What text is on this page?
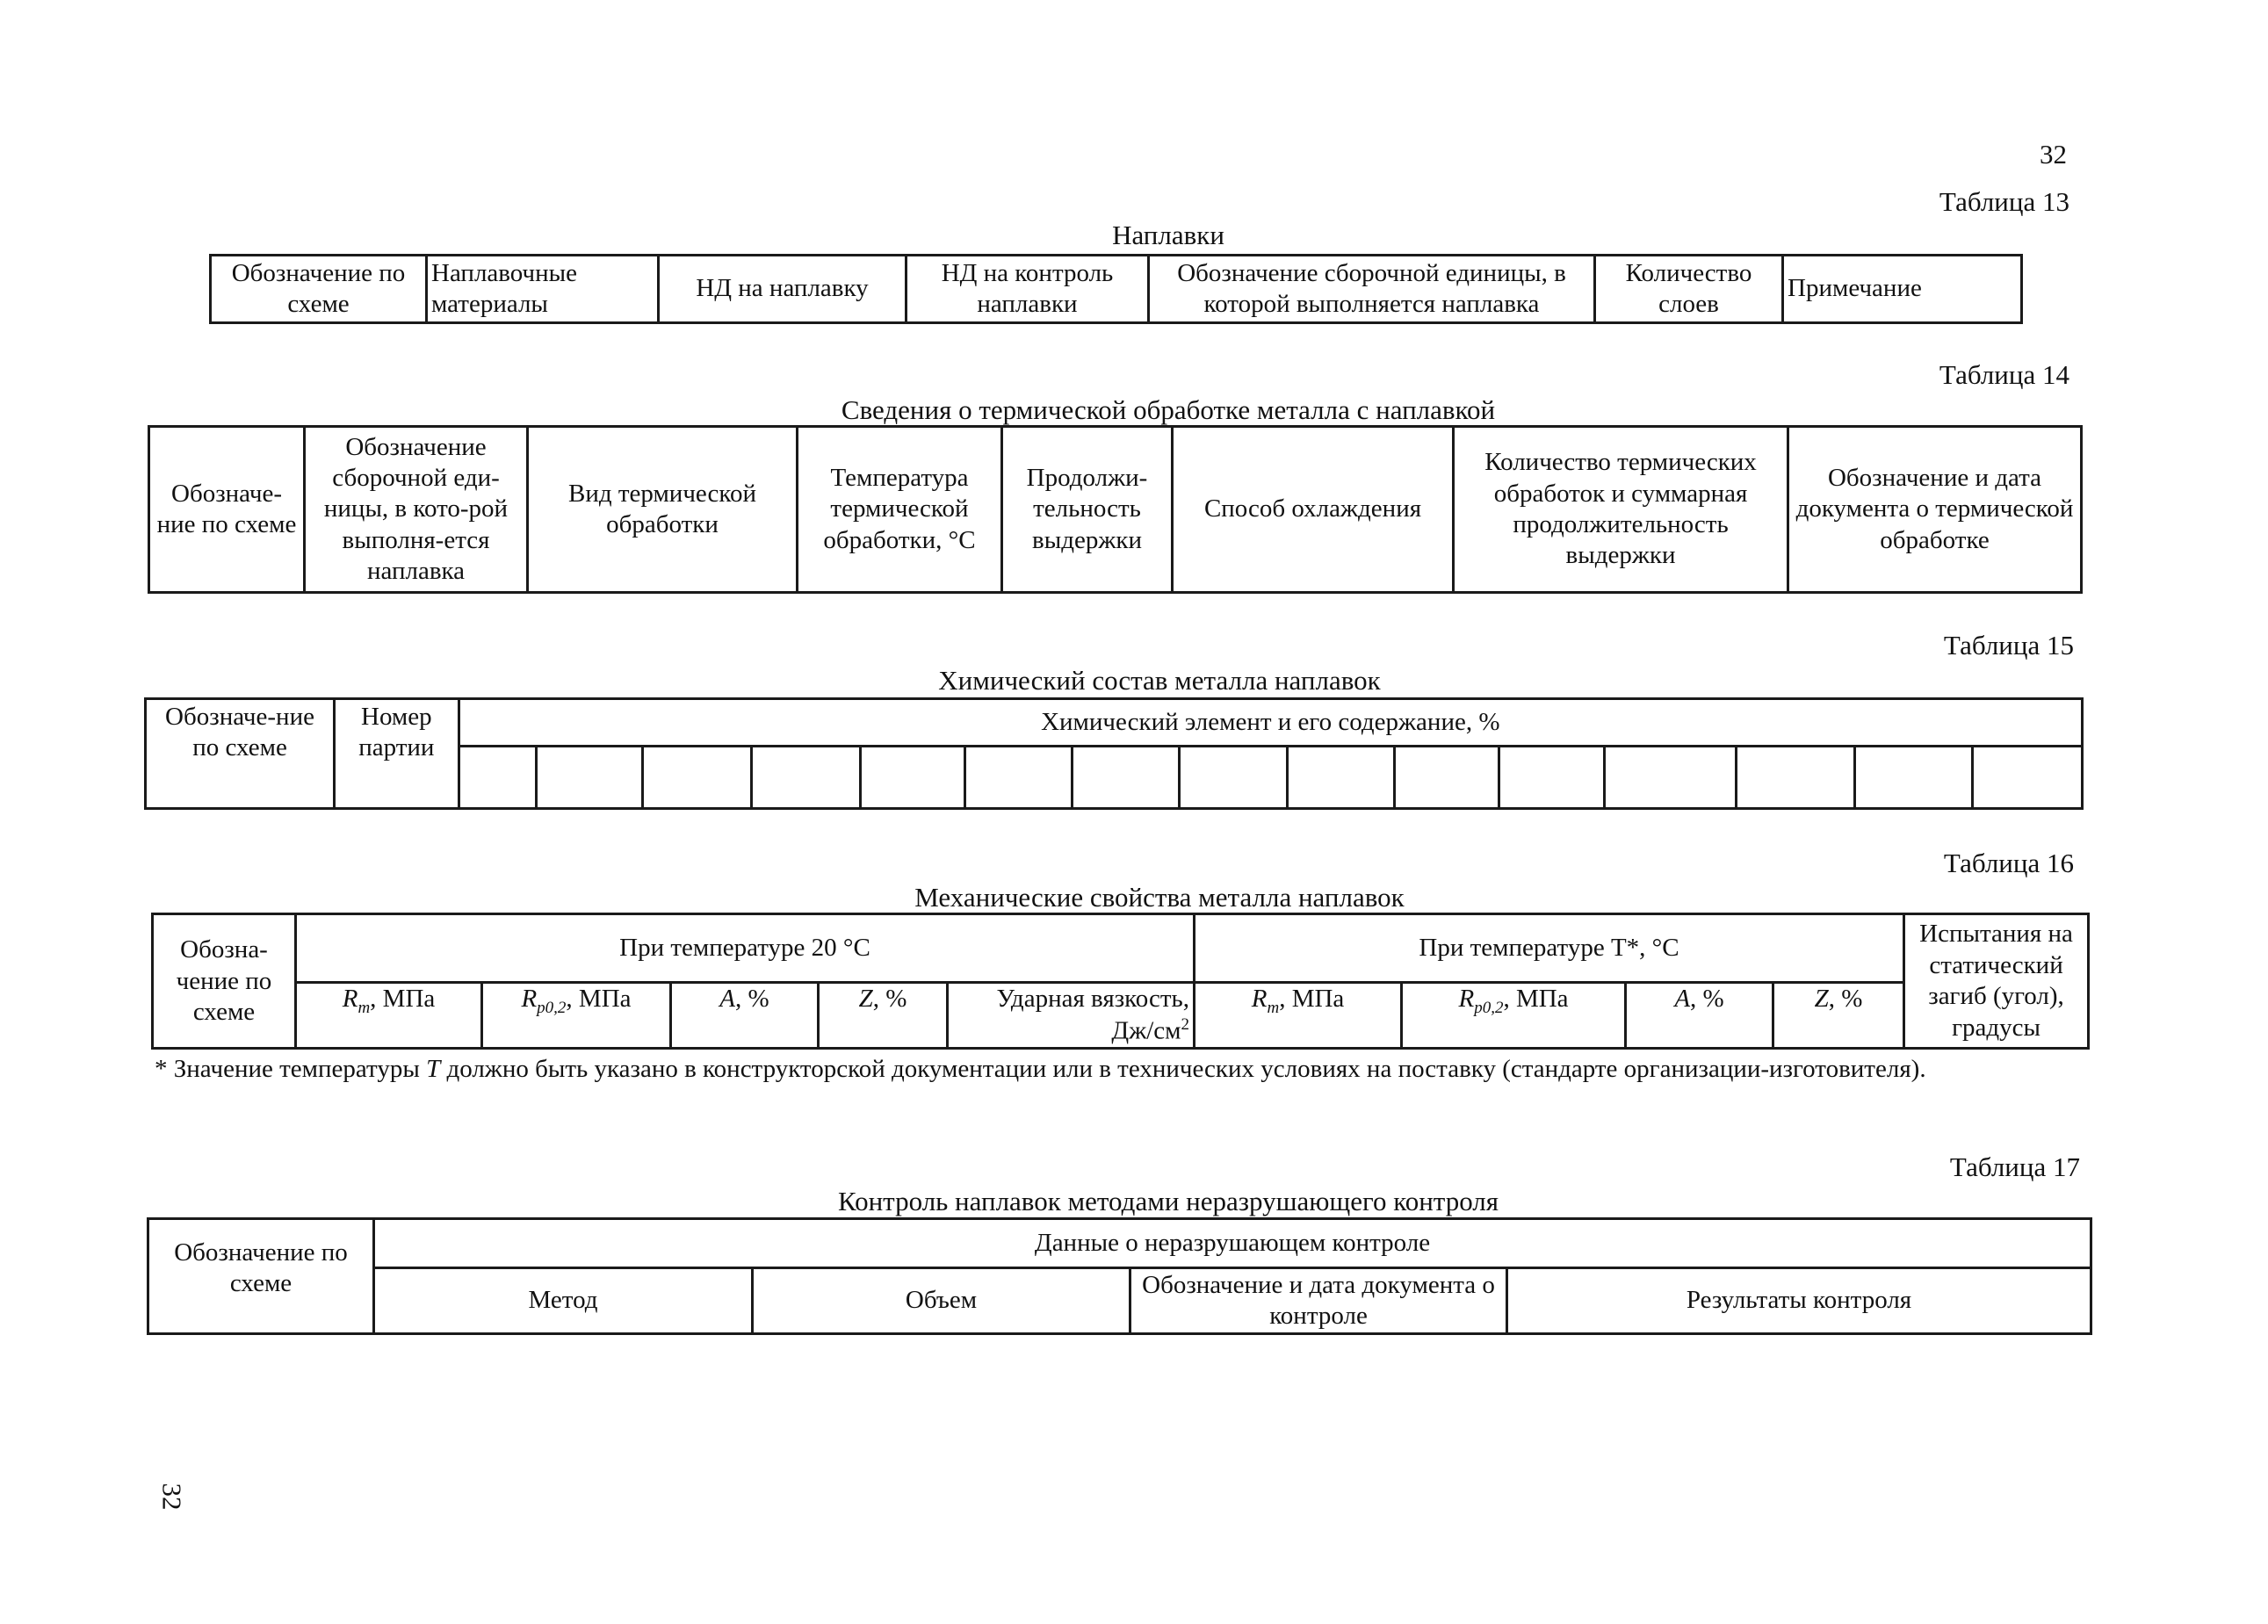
32
Таблица 13
Наплавки
Обозначение по схеме	Наплавочные материалы	НД на наплавку	НД на контроль наплавки	Обозначение сборочной единицы, в которой выполняется наплавка	Количество слоев	Примечание
Таблица 14
Сведения о термической обработке металла с наплавкой
Обозначе-ние по схеме	Обозначение сборочной еди-ницы, в кото-рой выполня-ется наплавка	Вид термической обработки	Температура термической обработки, °С	Продолжи-тельность выдержки	Способ охлаждения	Количество термических обработок и суммарная продолжительность выдержки	Обозначение и дата документа о термической обработке
Таблица 15
Химический состав металла наплавок
Обозначе-ние по схеме	Номер партии	Химический элемент и его содержание, %														

Таблица 16
Механические свойства металла наплавок
Обозна-чение по схеме	При температуре 20 °С					При температуре Т*, °С				Испытания на статический загиб (угол), градусы
	$R_m$, МПа	$R_{p0,2}$, МПа	A, %	Z, %	Ударная вязкость, $Дж/см^2$	$R_m$, МПа	$R_{p0,2}$, МПа	A, %	Z, %	
* Значение температуры T должно быть указано в конструкторской документации или в технических условиях на поставку (стандарте организации-изготовителя).
Таблица 17
Контроль наплавок методами неразрушающего контроля
Обозначение по схеме	Данные о неразрушающем контроле			
	Метод	Объем	Обозначение и дата документа о контроле	Результаты контроля
32
